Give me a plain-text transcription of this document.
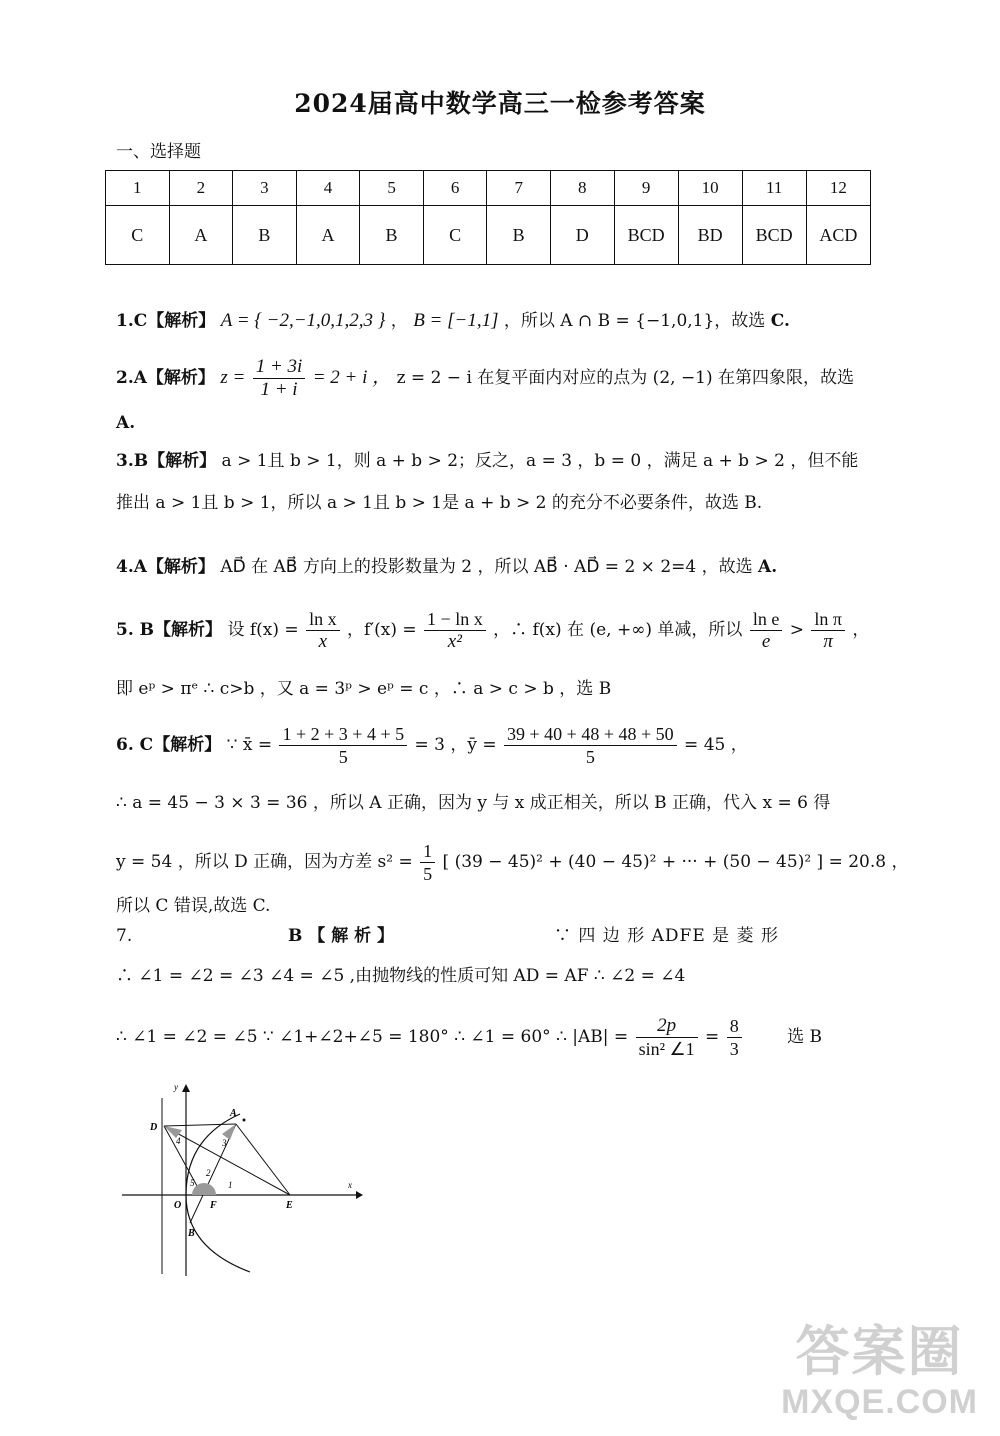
2024届高中数学高三一检参考答案
一、选择题
1	2	3	4	5	6	7	8	9	10	11	12
C	A	B	A	B	C	B	D	BCD	BD	BCD	ACD
1.C【解析】 A = { −2,−1,0,1,2,3 } ， B = [−1,1] ，所以 A ∩ B = {−1,0,1}，故选 C.
2.A【解析】 $z = \frac{1 + 3i}{1 + i} = 2 + i$ ， z = 2 − i 在复平面内对应的点为 (2, −1) 在第四象限，故选
A.
3.B【解析】 a > 1且 b > 1，则 a + b > 2；反之，a = 3 ，b = 0 ，满足 a + b > 2 ，但不能
推出 a > 1且 b > 1，所以 a > 1且 b > 1是 a + b > 2 的充分不必要条件，故选 B.
4.A【解析】 AD⃗ 在 AB⃗ 方向上的投影数量为 2 ，所以 AB⃗ · AD⃗ = 2 × 2=4 ，故选 A.
5. B【解析】 设 $f(x) = \frac{\text{ln x}}{x}$ ，$f'(x) = \frac{\text{1 − ln x}}{\text{x²}}$ ，∴ f(x) 在 (e, +∞) 单减，所以 $\frac{\text{ln e}}{e} > \frac{\text{ln π}}{\pi}$ ，
即 eᵖ > πᵉ ∴ c>b ，又 a = 3ᵖ > eᵖ = c ，∴ a > c > b ，选 B
6. C【解析】 ∵ x̄ = $\frac{1 + 2 + 3 + 4 + 5}{5} = 3$ ，ȳ = $\frac{39 + 40 + 48 + 48 + 50}{5} = 45$ ，
∴ a = 45 − 3 × 3 = 36 ，所以 A 正确，因为 y 与 x 成正相关，所以 B 正确，代入 x = 6 得
y = 54 ，所以 D 正确，因为方差 $s^2 = \frac{1}{5}$ [ (39 − 45)² + (40 − 45)² + ··· + (50 − 45)² ] = 20.8 ，
所以 C 错误,故选 C.
7.	B 【 解 析 】	∵ 四 边 形 ADFE 是 菱 形
∴ ∠1 = ∠2 = ∠3 ∠4 = ∠5 ,由抛物线的性质可知 AD = AF ∴ ∠2 = ∠4
∴ ∠1 = ∠2 = ∠5 ∵ ∠1+∠2+∠5 = 180° ∴ ∠1 = 60° ∴ $|AB| = \frac{2p}{\text{sin² ∠1}} = \frac{8}{3}$	选 B
y
x
D
A
O	F	E
B
1
2
3
4
5
答案圈
MXQE.COM
